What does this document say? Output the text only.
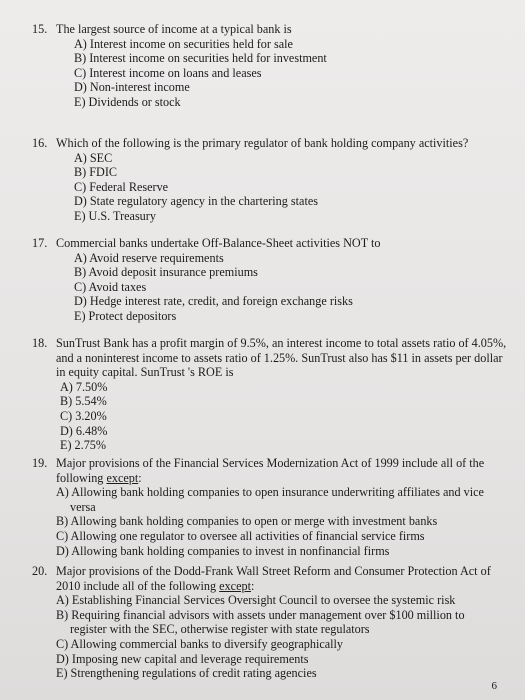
15. The largest source of income at a typical bank is
A) Interest income on securities held for sale
B) Interest income on securities held for investment
C) Interest income on loans and leases
D) Non-interest income
E) Dividends or stock
16. Which of the following is the primary regulator of bank holding company activities?
A) SEC
B) FDIC
C) Federal Reserve
D) State regulatory agency in the chartering states
E) U.S. Treasury
17. Commercial banks undertake Off-Balance-Sheet activities NOT to
A) Avoid reserve requirements
B) Avoid deposit insurance premiums
C) Avoid taxes
D) Hedge interest rate, credit, and foreign exchange risks
E) Protect depositors
18. SunTrust Bank has a profit margin of 9.5%, an interest income to total assets ratio of 4.05%, and a noninterest income to assets ratio of 1.25%. SunTrust also has $11 in assets per dollar in equity capital. SunTrust 's ROE is
A) 7.50%
B) 5.54%
C) 3.20%
D) 6.48%
E) 2.75%
19. Major provisions of the Financial Services Modernization Act of 1999 include all of the following except:
A) Allowing bank holding companies to open insurance underwriting affiliates and vice versa
B) Allowing bank holding companies to open or merge with investment banks
C) Allowing one regulator to oversee all activities of financial service firms
D) Allowing bank holding companies to invest in nonfinancial firms
20. Major provisions of the Dodd-Frank Wall Street Reform and Consumer Protection Act of 2010 include all of the following except:
A) Establishing Financial Services Oversight Council to oversee the systemic risk
B) Requiring financial advisors with assets under management over $100 million to
register with the SEC, otherwise register with state regulators
C) Allowing commercial banks to diversify geographically
D) Imposing new capital and leverage requirements
E) Strengthening regulations of credit rating agencies
6
